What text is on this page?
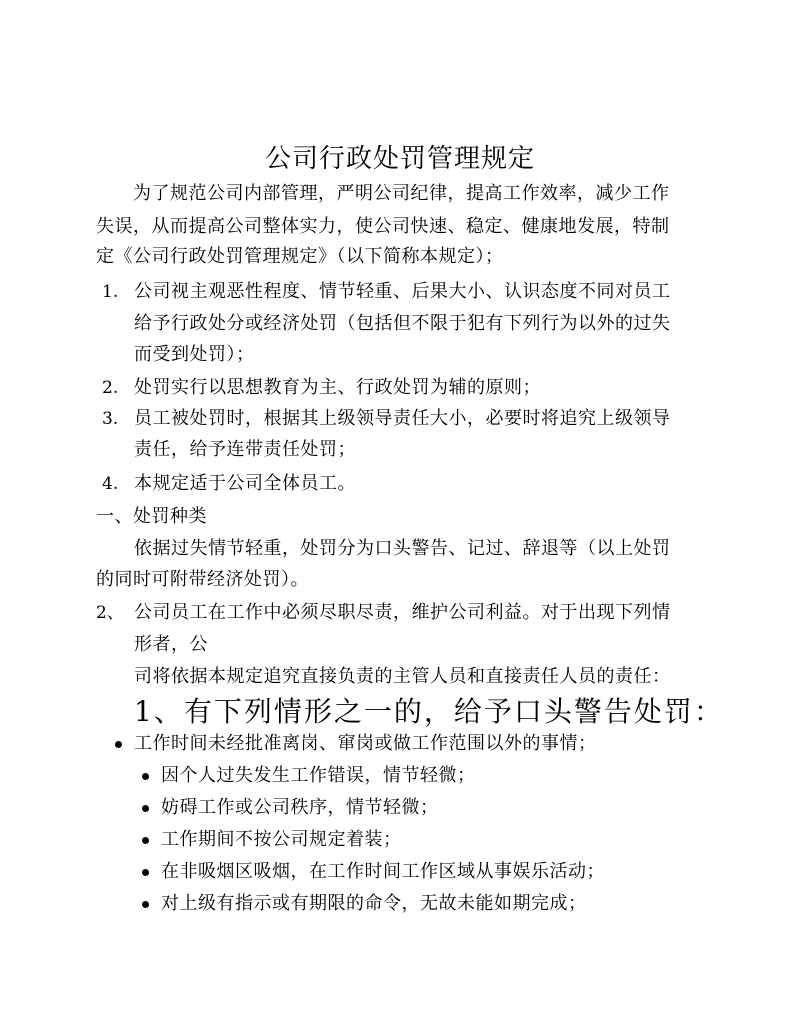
公司行政处罚管理规定
为了规范公司内部管理，严明公司纪律，提高工作效率，减少工作
失误，从而提高公司整体实力，使公司快速、稳定、健康地发展，特制
定《公司行政处罚管理规定》（以下简称本规定）；
1. 公司视主观恶性程度、情节轻重、后果大小、认识态度不同对员工
给予行政处分或经济处罚（包括但不限于犯有下列行为以外的过失
而受到处罚）；
2. 处罚实行以思想教育为主、行政处罚为辅的原则；
3. 员工被处罚时，根据其上级领导责任大小，必要时将追究上级领导
责任，给予连带责任处罚；
4. 本规定适于公司全体员工。
一、处罚种类
依据过失情节轻重，处罚分为口头警告、记过、辞退等（以上处罚
的同时可附带经济处罚）。
2、 公司员工在工作中必须尽职尽责，维护公司利益。对于出现下列情
形者，公
司将依据本规定追究直接负责的主管人员和直接责任人员的责任：
1、有下列情形之一的，给予口头警告处罚：
工作时间未经批准离岗、窜岗或做工作范围以外的事情；
因个人过失发生工作错误，情节轻微；
妨碍工作或公司秩序，情节轻微；
工作期间不按公司规定着装；
在非吸烟区吸烟，在工作时间工作区域从事娱乐活动；
对上级有指示或有期限的命令，无故未能如期完成；
